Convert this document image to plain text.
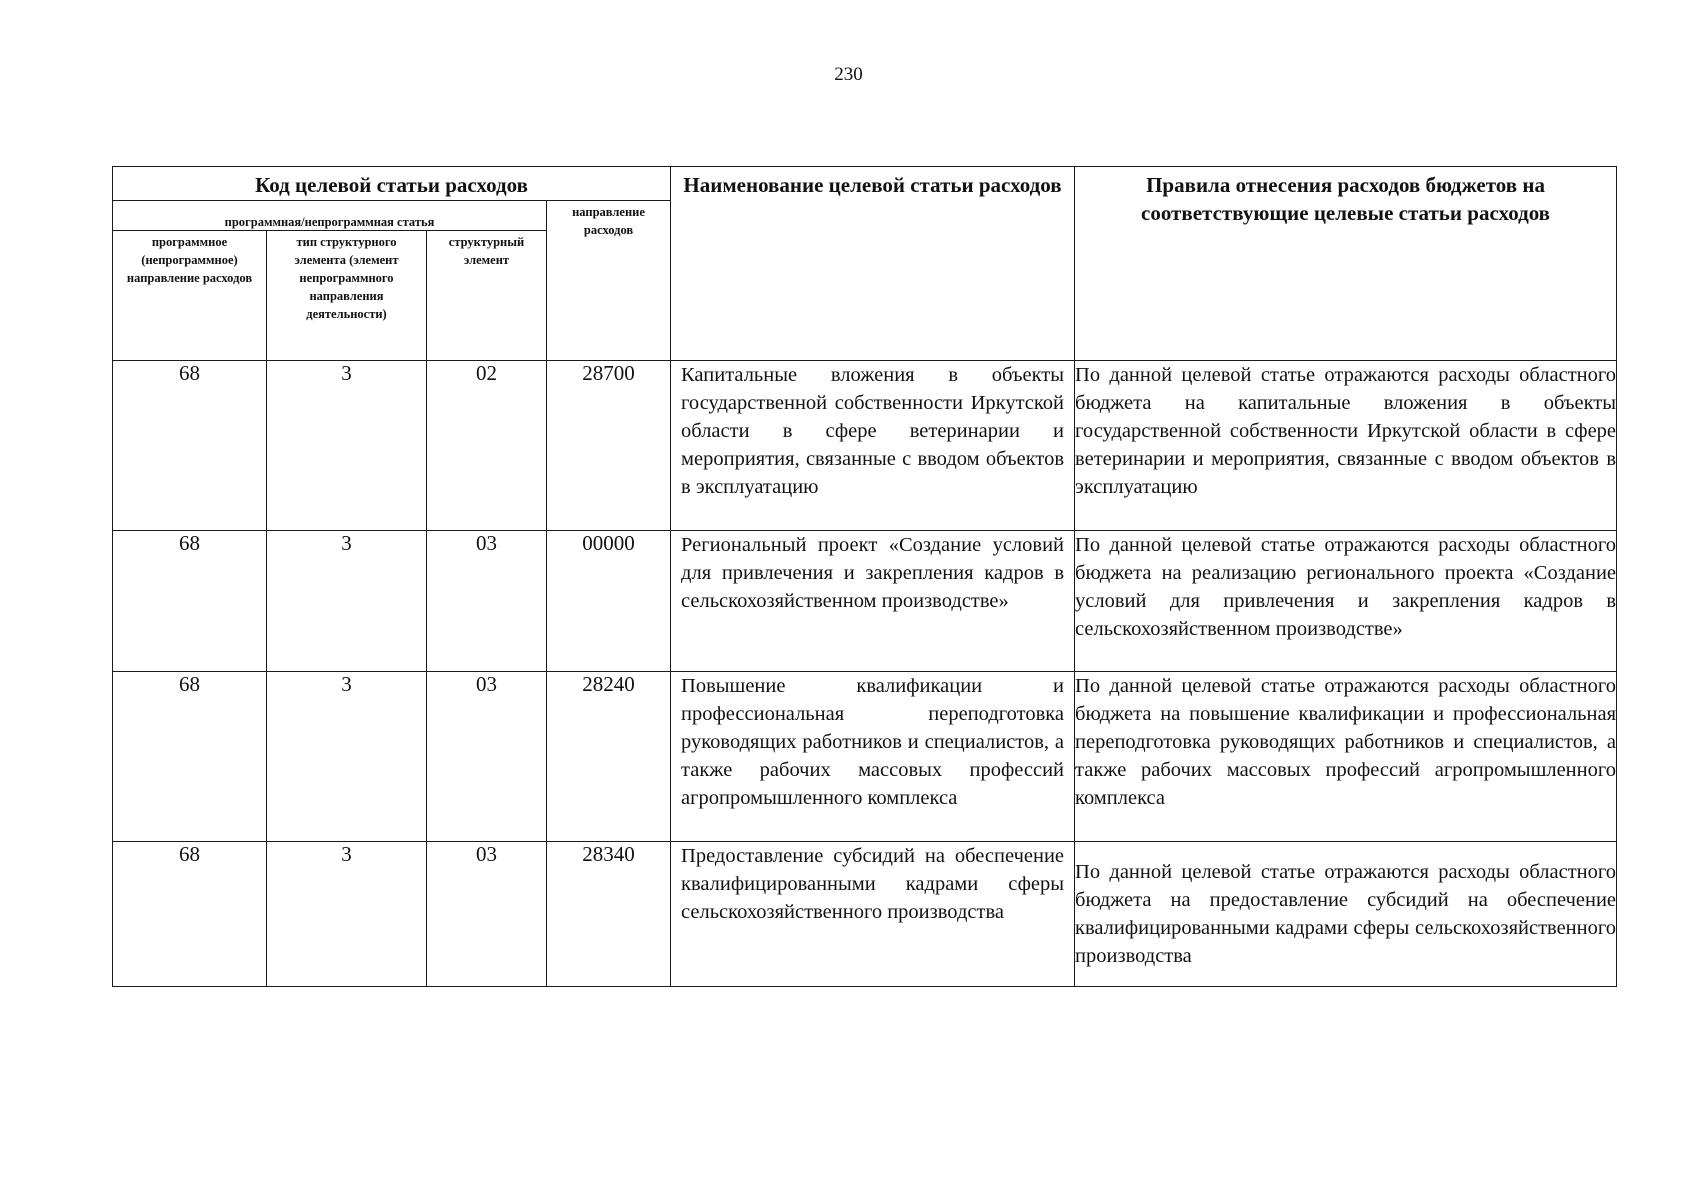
230
Код целевой статьи расходов				Наименование целевой статьи расходов	Правила отнесения расходов бюджетов на соответствующие целевые статьи расходов

программная/непрограммная статья			направление расходов		

программное (непрограммное) направление расходов	тип структурного элемента (элемент непрограммного направления деятельности)	структурный элемент			

68	3	02	28700	Капитальные вложения в объекты государственной собственности Иркутской области в сфере ветеринарии и мероприятия, связанные с вводом объектов в эксплуатацию	По данной целевой статье отражаются расходы областного бюджета на капитальные вложения в объекты государственной собственности Иркутской области в сфере ветеринарии и мероприятия, связанные с вводом объектов в эксплуатацию
68	3	03	00000	Региональный проект «Создание условий для привлечения и закрепления кадров в сельскохозяйственном производстве»	По данной целевой статье отражаются расходы областного бюджета на реализацию регионального проекта «Создание условий для привлечения и закрепления кадров в сельскохозяйственном производстве»
68	3	03	28240	Повышение квалификации и профессиональная переподготовка руководящих работников и специалистов, а также рабочих массовых профессий агропромышленного комплекса	По данной целевой статье отражаются расходы областного бюджета на повышение квалификации и профессиональная переподготовка руководящих работников и специалистов, а также рабочих массовых профессий агропромышленного комплекса
68	3	03	28340	Предоставление субсидий на обеспечение квалифицированными кадрами сферы сельскохозяйственного производства	По данной целевой статье отражаются расходы областного бюджета на предоставление субсидий на обеспечение квалифицированными кадрами сферы сельскохозяйственного производства
